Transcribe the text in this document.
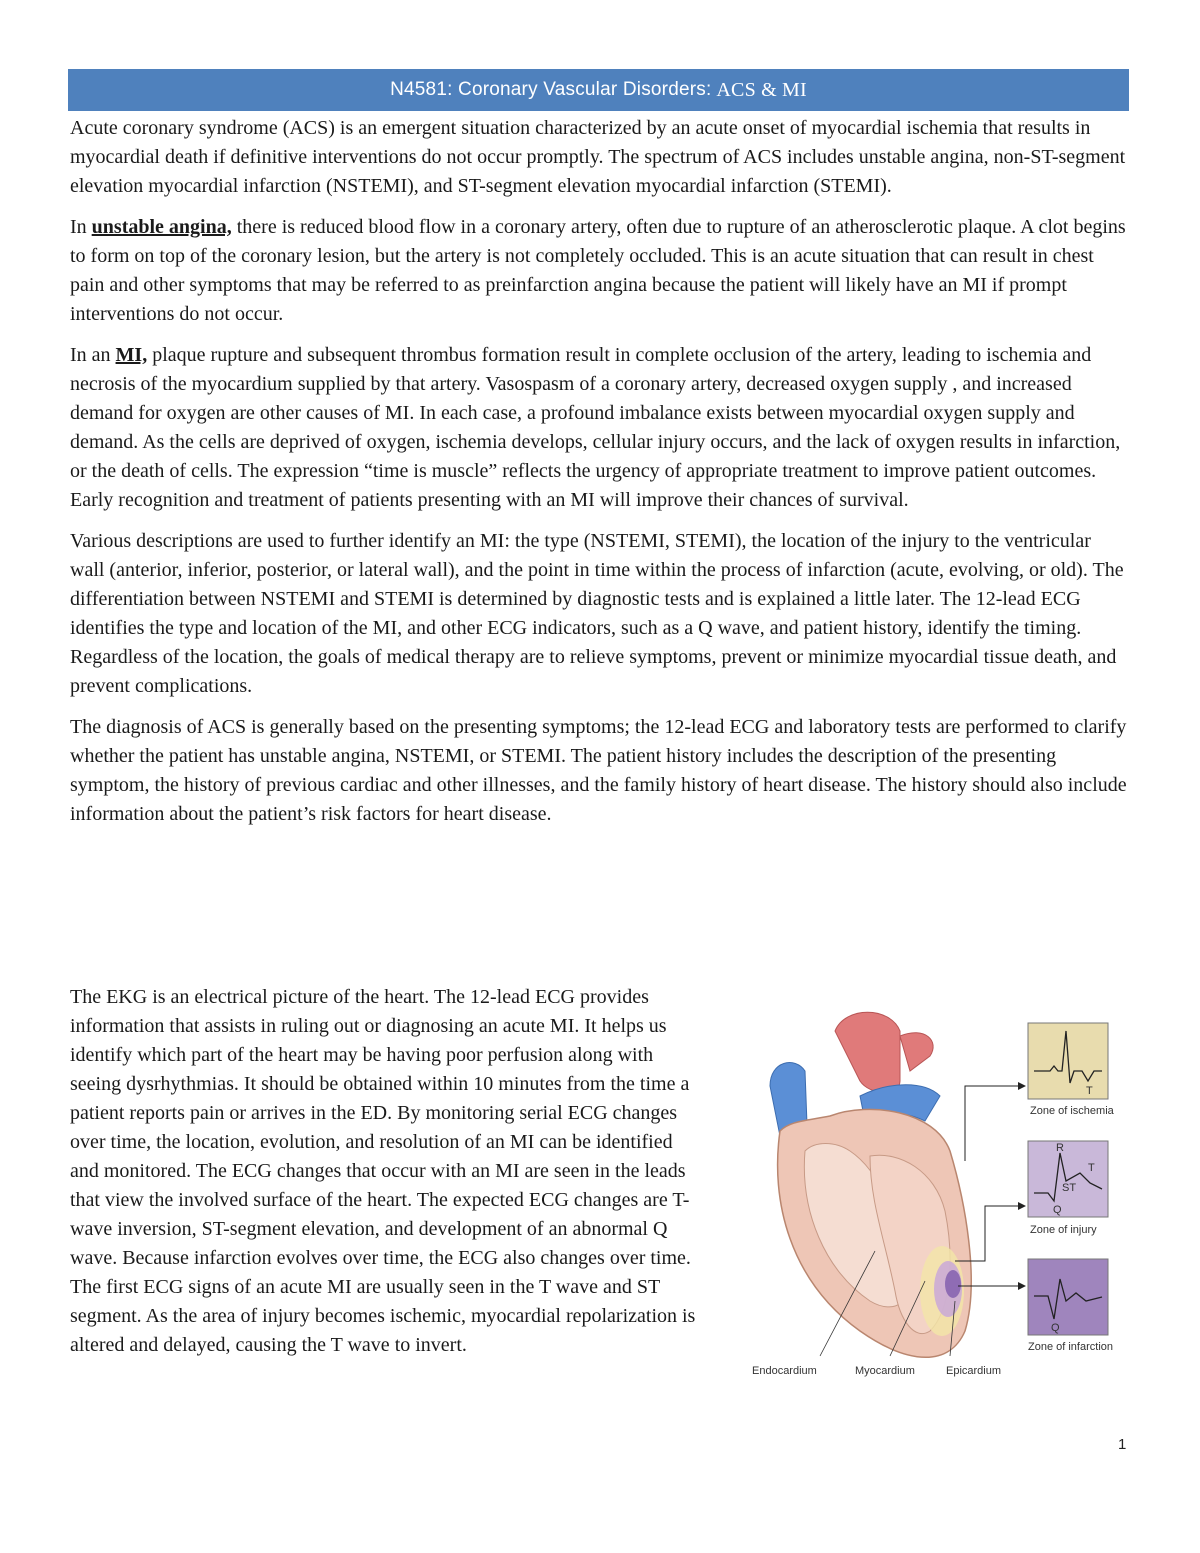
N4581: Coronary Vascular Disorders :
ACS & MI

Acute coronary syndrome (ACS) is an emergent situation characterized by an acute onset of myocardial ischemia that results in myocardial death if definitive interventions do not occur promptly. The spectrum of ACS includes unstable angina, non-ST-segment elevation myocardial infarction (NSTEMI), and ST-segment elevation myocardial infarction (STEMI).

In unstable angina, there is reduced blood flow in a coronary artery, often due to rupture of an atherosclerotic plaque. A clot begins to form on top of the coronary lesion, but the artery is not completely occluded. This is an acute situation that can result in chest pain and other symptoms that may be referred to as preinfarction angina because the patient will likely have an MI if prompt interventions do not occur.

In an MI, plaque rupture and subsequent thrombus formation result in complete occlusion of the artery, leading to ischemia and necrosis of the myocardium supplied by that artery. Vasospasm of a coronary artery, decreased oxygen supply , and increased demand for oxygen are other causes of MI. In each case, a profound imbalance exists between myocardial oxygen supply and demand. As the cells are deprived of oxygen, ischemia develops, cellular injury occurs, and the lack of oxygen results in infarction, or the death of cells. The expression “time is muscle” reflects the urgency of appropriate treatment to improve patient outcomes. Early recognition and treatment of patients presenting with an MI will improve their chances of survival.

Various descriptions are used to further identify an MI: the type (NSTEMI, STEMI), the location of the injury to the ventricular wall (anterior, inferior, posterior, or lateral wall), and the point in time within the process of infarction (acute, evolving, or old). The differentiation between NSTEMI and STEMI is determined by diagnostic tests and is explained a little later. The 12-lead ECG identifies the type and location of the MI, and other ECG indicators, such as a Q wave, and patient history, identify the timing. Regardless of the location, the goals of medical therapy are to relieve symptoms, prevent or minimize myocardial tissue death, and prevent complications.

The diagnosis of ACS is generally based on the presenting symptoms; the 12-lead ECG and laboratory tests are performed to clarify whether the patient has unstable angina, NSTEMI, or STEMI. The patient history includes the description of the presenting symptom, the history of previous cardiac and other illnesses, and the family history of heart disease. The history should also include information about the patient’s risk factors for heart disease.

The EKG is an electrical picture of the heart. The 12-lead ECG provides information that assists in ruling out or diagnosing an acute MI. It helps us identify which part of the heart may be having poor perfusion along with seeing dysrhythmias. It should be obtained within 10 minutes from the time a patient reports pain or arrives in the ED. By monitoring serial ECG changes over time, the location, evolution, and resolution of an MI can be identified and monitored. The ECG changes that occur with an MI are seen in the leads that view the involved surface of the heart. The expected ECG changes are T-wave inversion, ST-segment elevation, and development of an abnormal Q wave. Because infarction evolves over time, the ECG also changes over time. The first ECG signs of an acute MI are usually seen in the T wave and ST segment. As the area of injury becomes ischemic, myocardial repolarization is altered and delayed, causing the T wave to invert.

T
Zone of ischemia
R
ST
T
Q
Zone of injury
Q
Zone of infarction
Endocardium	Myocardium	Epicardium
1
